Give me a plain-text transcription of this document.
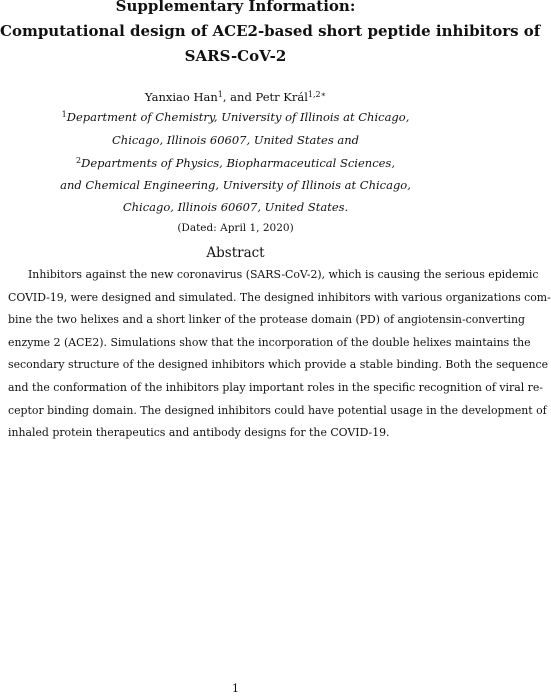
Supplementary Information:
Computational design of ACE2-based short peptide inhibitors of
SARS-CoV-2
Yanxiao Han$^1$, and Petr Král$^{1,2∗}$
$^1$Department of Chemistry, University of Illinois at Chicago,
Chicago, Illinois 60607, United States and
$^2$Departments of Physics, Biopharmaceutical Sciences,
and Chemical Engineering, University of Illinois at Chicago,
Chicago, Illinois 60607, United States.
(Dated: April 1, 2020)
Abstract
Inhibitors against the new coronavirus (SARS-CoV-2), which is causing the serious epidemic
COVID-19, were designed and simulated. The designed inhibitors with various organizations com-
bine the two helixes and a short linker of the protease domain (PD) of angiotensin-converting
enzyme 2 (ACE2). Simulations show that the incorporation of the double helixes maintains the
secondary structure of the designed inhibitors which provide a stable binding. Both the sequence
and the conformation of the inhibitors play important roles in the specific recognition of viral re-
ceptor binding domain. The designed inhibitors could have potential usage in the development of
inhaled protein therapeutics and antibody designs for the COVID-19.
1
